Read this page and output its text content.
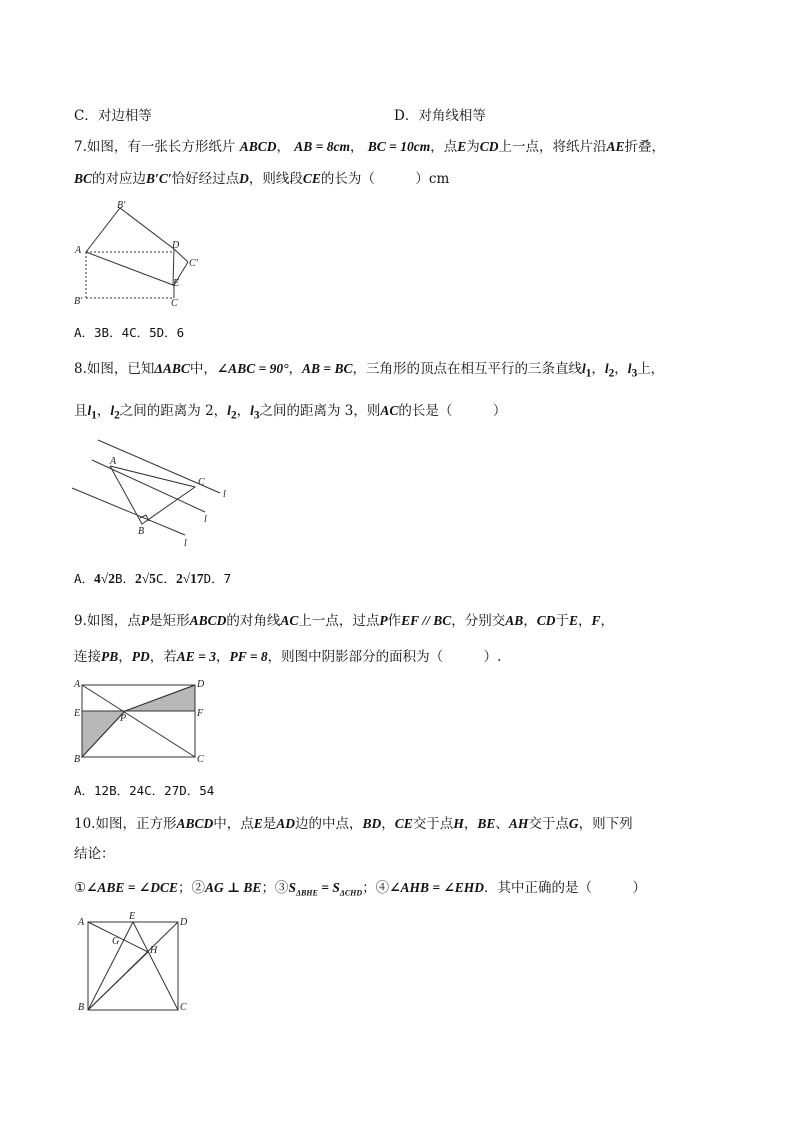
C．对边相等	D．对角线相等
7.如图，有一张长方形纸片 ABCD， AB = 8cm， BC = 10cm，点E为CD上一点，将纸片沿AE折叠，
BC的对应边B′C′恰好经过点D，则线段CE的长为（　　　）cm
A
B′
D
C′
E
B′	C
A．3B．4C．5D．6
8.如图，已知ΔABC中，∠ABC = 90°，AB = BC，三角形的顶点在相互平行的三条直线$l_1$，$l_2$，$l_3$上，
且$l_1$，$l_2$之间的距离为 2，$l_2$，$l_3$之间的距离为 3，则AC的长是（　　　）
A
C
B
l
l
l
A．4√2B．2√5C．2√17D．7
9.如图，点P是矩形ABCD的对角线AC上一点，过点P作EF // BC，分别交AB，CD于E，F，
连接PB，PD，若AE = 3，PF = 8，则图中阴影部分的面积为（　　　）.
A	D
E	F
P
B	C
A．12B．24C．27D．54
10.如图，正方形ABCD中，点E是AD边的中点，BD，CE交于点H，BE、AH交于点G，则下列
结论：
①∠ABE = ∠DCE；②AG ⊥ BE；$③S_{\Delta BHE} = S_{\Delta CHD}$；④∠AHB = ∠EHD．其中正确的是（　　　）
A
E
D
G
H
B	C
